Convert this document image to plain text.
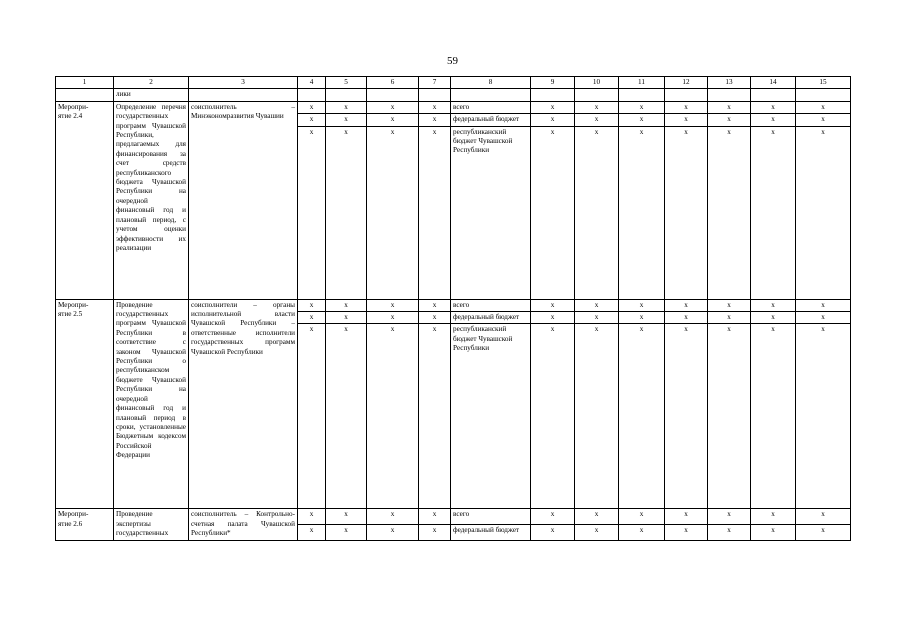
59
1	2	3	4	5	6	7	8	9	10	11	12	13	14	15
	лики													
Меропри-
ятие 2.4	Определение перечня государственных программ Чувашской Республики, предлагаемых для финансирования за счет средств республиканского бюджета Чувашской Республики на очередной финансовый год и плановый период, с учетом оценки эффективности их реализации	соисполнитель – Минэкономразвития Чувашии	x	x	x	x	всего	x	x	x	x	x	x	x
			x	x	x	x	федеральный бюджет	x	x	x	x	x	x	x
			x	x	x	x	республиканский бюджет Чувашской Республики	x	x	x	x	x	x	x
Меропри-
ятие 2.5	Проведение государственных программ Чувашской Республики в соответствие с законом Чувашской Республики о республиканском бюджете Чувашской Республики на очередной финансовый год и плановый период в сроки, установленные Бюджетным кодексом Российской Федерации	соисполнители – органы исполнительной власти Чувашской Республики – ответственные исполнители государственных программ Чувашской Республики	x	x	x	x	всего	x	x	x	x	x	x	x
			x	x	x	x	федеральный бюджет	x	x	x	x	x	x	x
			x	x	x	x	республиканский бюджет Чувашской Республики	x	x	x	x	x	x	x
Меропри-
ятие 2.6	Проведение экспертизы государственных	соисполнитель – Контрольно-счетная палата Чувашской Республики*	x	x	x	x	всего	x	x	x	x	x	x	x
			x	x	x	x	федеральный бюджет	x	x	x	x	x	x	x
